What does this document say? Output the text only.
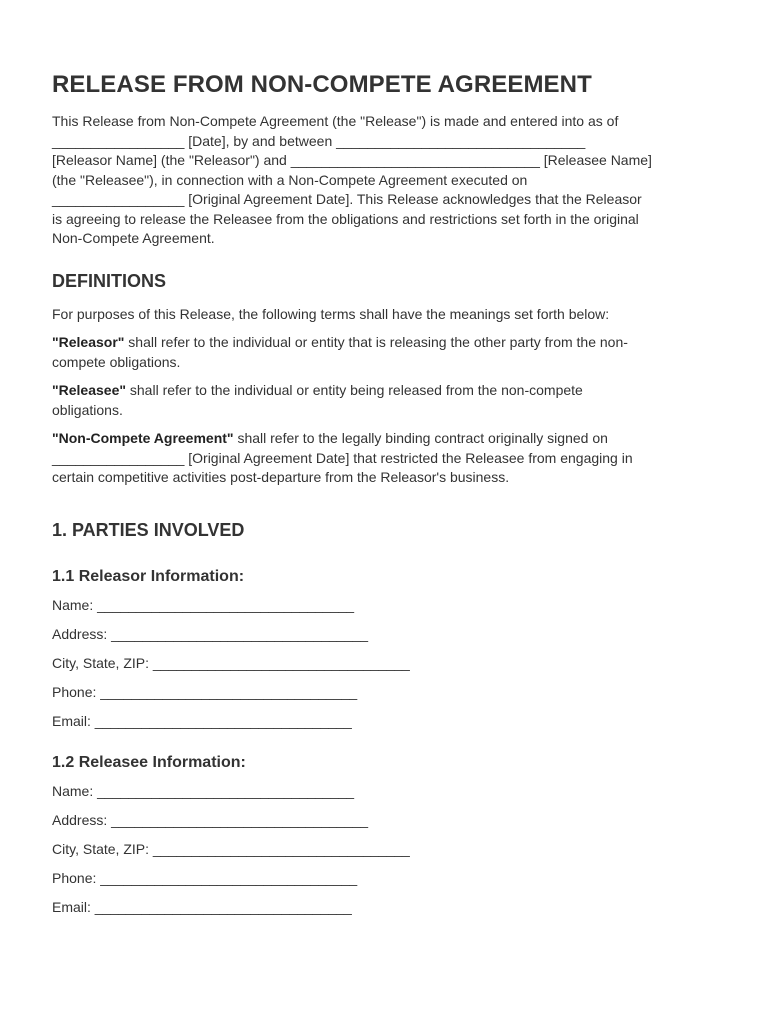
RELEASE FROM NON-COMPETE AGREEMENT

This Release from Non-Compete Agreement (the "Release") is made and entered into as of

_________________ [Date], by and between ________________________________

[Releasor Name] (the "Releasor") and ________________________________ [Releasee Name]

(the "Releasee"), in connection with a Non-Compete Agreement executed on

_________________ [Original Agreement Date]. This Release acknowledges that the Releasor

is agreeing to release the Releasee from the obligations and restrictions set forth in the original

Non-Compete Agreement.

DEFINITIONS

For purposes of this Release, the following terms shall have the meanings set forth below:

"Releasor" shall refer to the individual or entity that is releasing the other party from the non-

compete obligations.

"Releasee" shall refer to the individual or entity being released from the non-compete

obligations.

"Non-Compete Agreement" shall refer to the legally binding contract originally signed on

_________________ [Original Agreement Date] that restricted the Releasee from engaging in

certain competitive activities post-departure from the Releasor's business.

1. PARTIES INVOLVED
1.1 Releasor Information:
Name: _________________________________
Address: _________________________________
City, State, ZIP: _________________________________
Phone: _________________________________
Email: _________________________________
1.2 Releasee Information:
Name: _________________________________
Address: _________________________________
City, State, ZIP: _________________________________
Phone: _________________________________
Email: _________________________________
